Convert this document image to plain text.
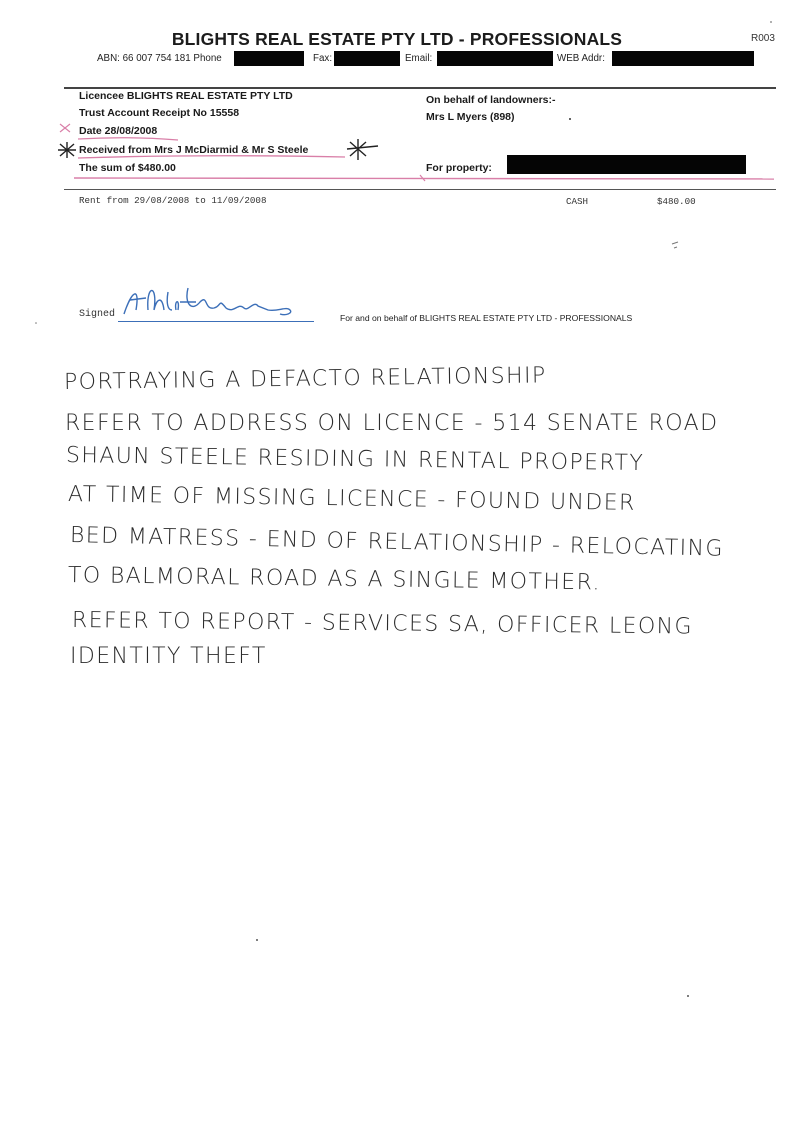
BLIGHTS REAL ESTATE PTY LTD - PROFESSIONALS	R003
ABN: 66 007 754 181 Phone	Fax:	Email:	WEB Addr:
Licencee BLIGHTS REAL ESTATE PTY LTD
Trust Account Receipt No 15558
Date 28/08/2008
Received from Mrs J McDiarmid & Mr S Steele
The sum of $480.00
On behalf of landowners:-
Mrs L Myers (898)
For property:
Rent from 29/08/2008 to 11/09/2008	CASH	$480.00
Signed	For and on behalf of BLIGHTS REAL ESTATE PTY LTD - PROFESSIONALS
PORTRAYING A DEFACTO RELATIONSHIP
REFER TO ADDRESS ON LICENCE - 514 SENATE ROAD
SHAUN STEELE RESIDING IN RENTAL PROPERTY
AT TIME OF MISSING LICENCE - FOUND UNDER
BED MATRESS - END OF RELATIONSHIP - RELOCATING
TO BALMORAL ROAD AS A SINGLE MOTHER.
REFER TO REPORT - SERVICES SA, OFFICER LEONG
IDENTITY THEFT
